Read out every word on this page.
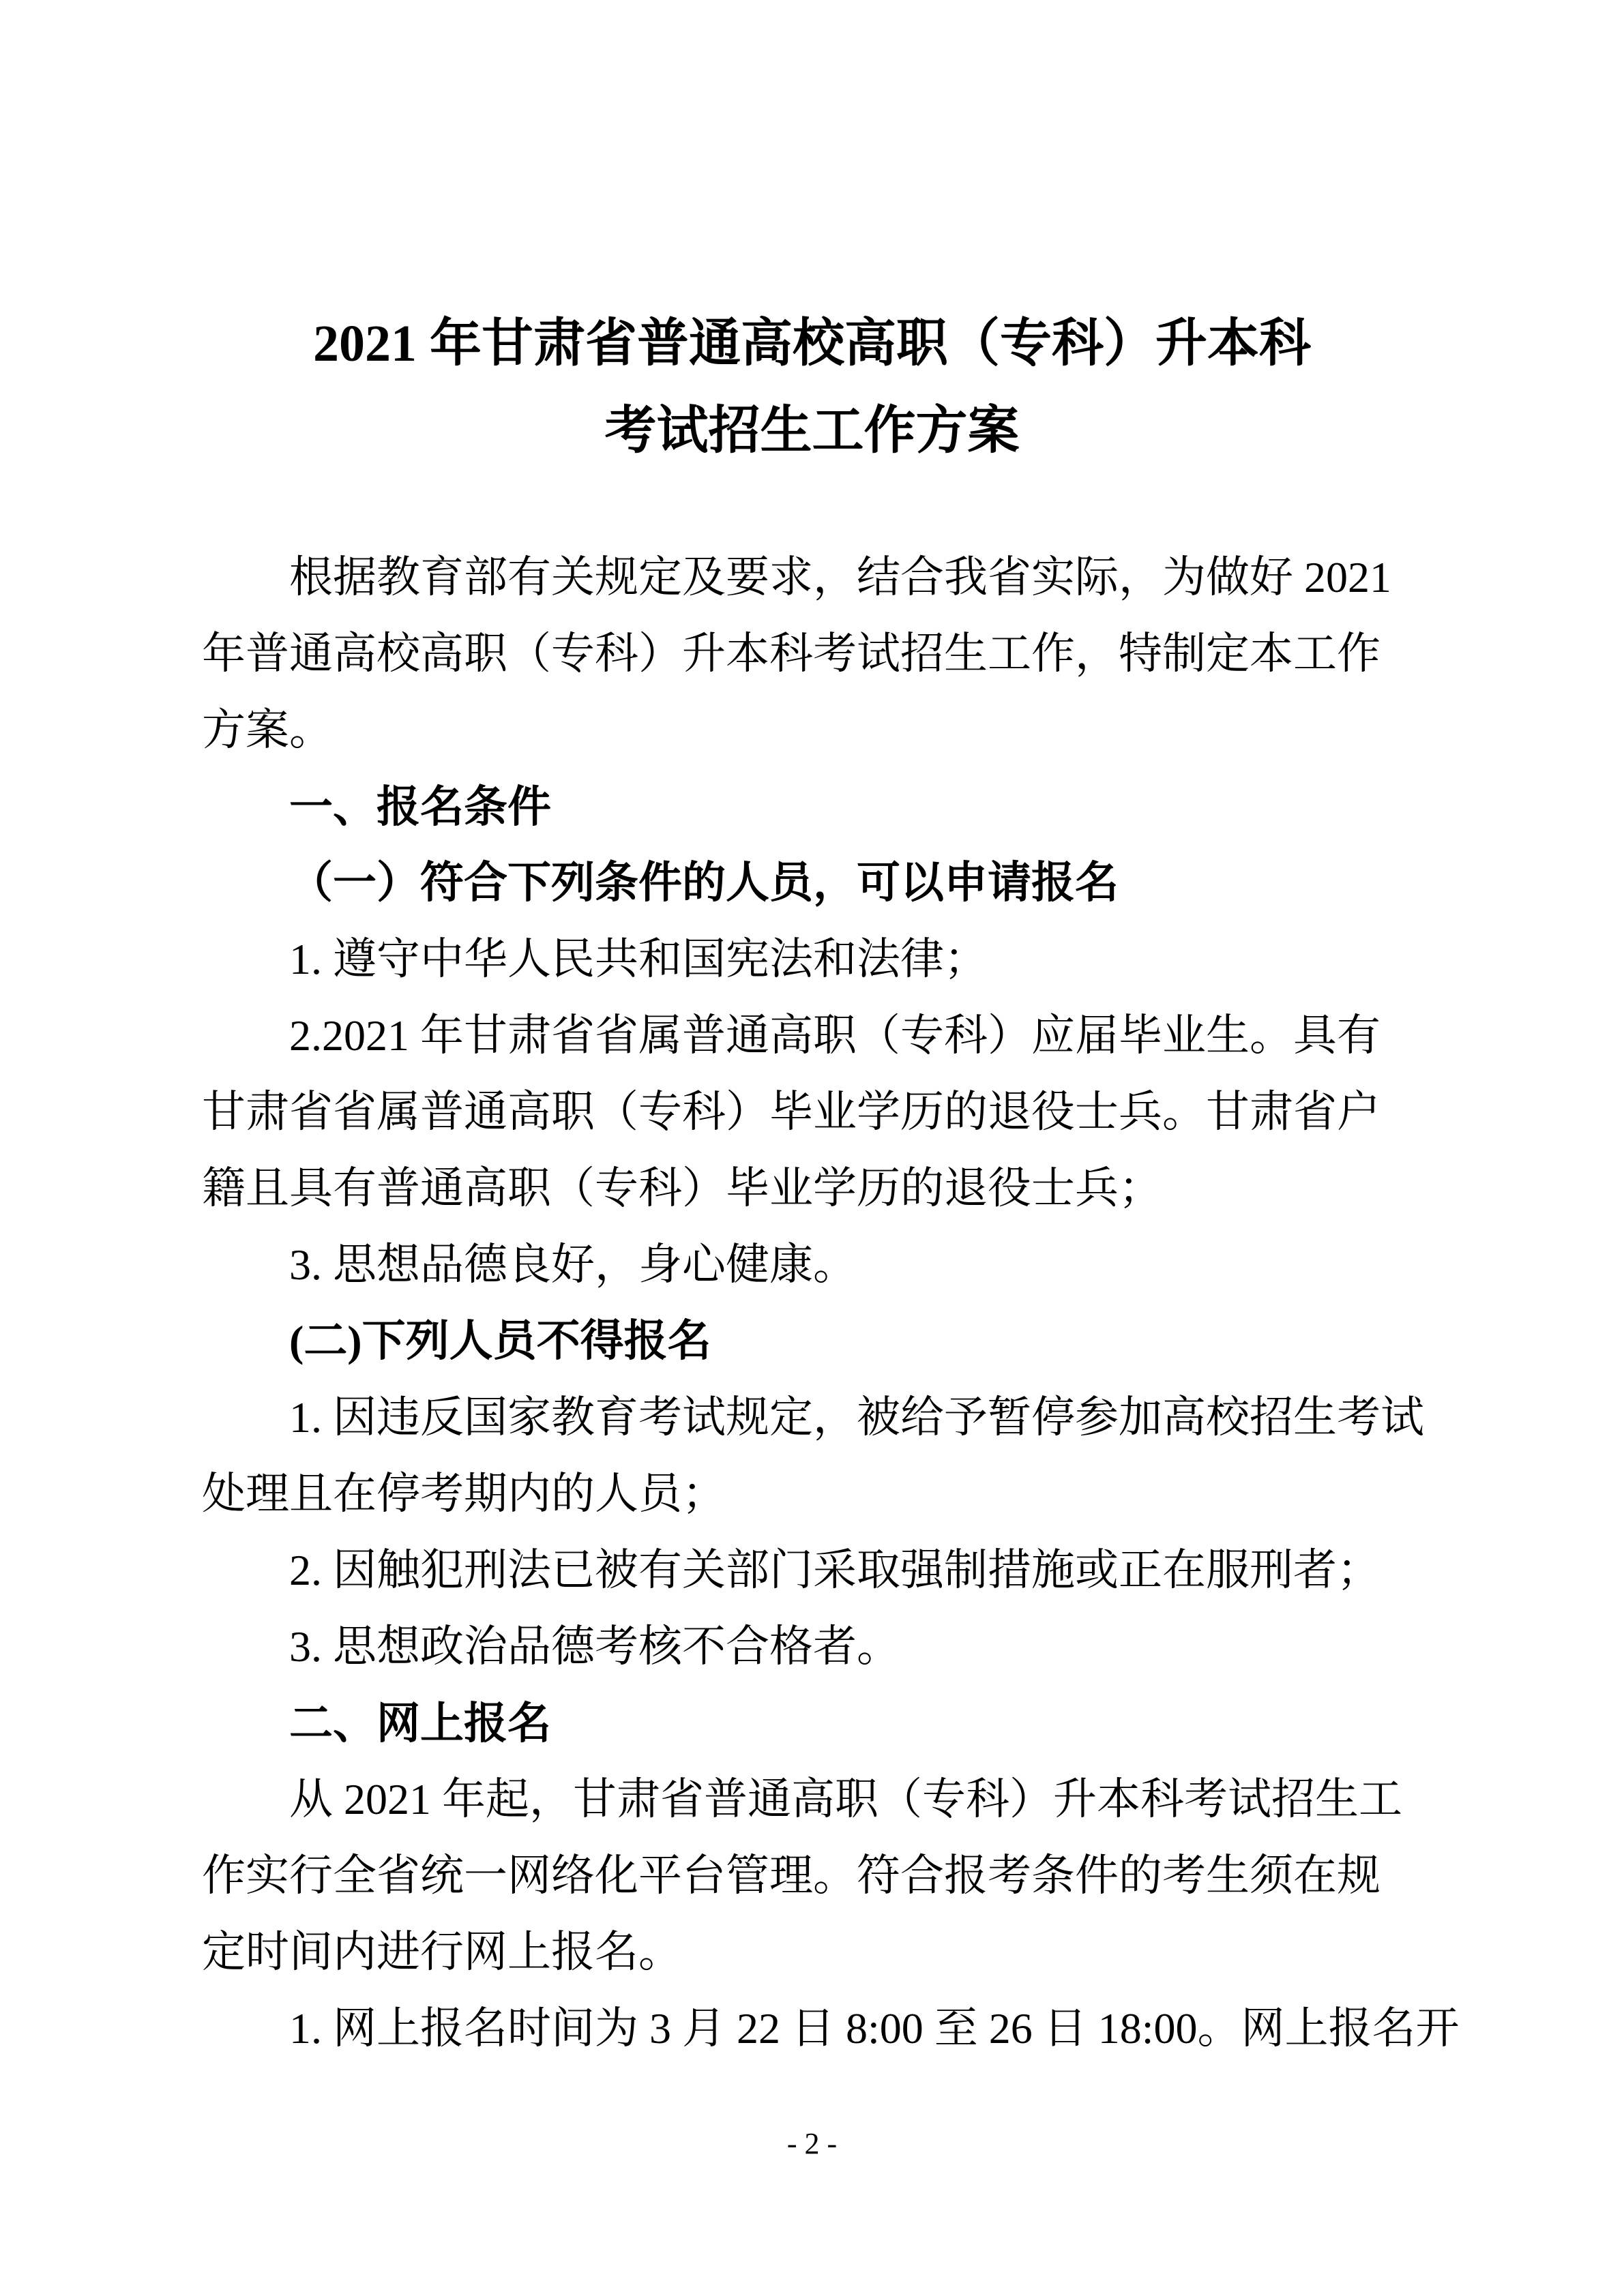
2021 年甘肃省普通高校高职（专科）升本科
考试招生工作方案
根据教育部有关规定及要求，结合我省实际，为做好 2021
年普通高校高职（专科）升本科考试招生工作，特制定本工作
方案。
一、报名条件
（一）符合下列条件的人员，可以申请报名
1. 遵守中华人民共和国宪法和法律；
2.2021 年甘肃省省属普通高职（专科）应届毕业生。具有
甘肃省省属普通高职（专科）毕业学历的退役士兵。甘肃省户
籍且具有普通高职（专科）毕业学历的退役士兵；
3. 思想品德良好，身心健康。
(二)下列人员不得报名
1. 因违反国家教育考试规定，被给予暂停参加高校招生考试
处理且在停考期内的人员；
2. 因触犯刑法已被有关部门采取强制措施或正在服刑者；
3. 思想政治品德考核不合格者。
二、网上报名
从 2021 年起，甘肃省普通高职（专科）升本科考试招生工
作实行全省统一网络化平台管理。符合报考条件的考生须在规
定时间内进行网上报名。
1. 网上报名时间为 3 月 22 日 8:00 至 26 日 18:00。网上报名开
- 2 -
